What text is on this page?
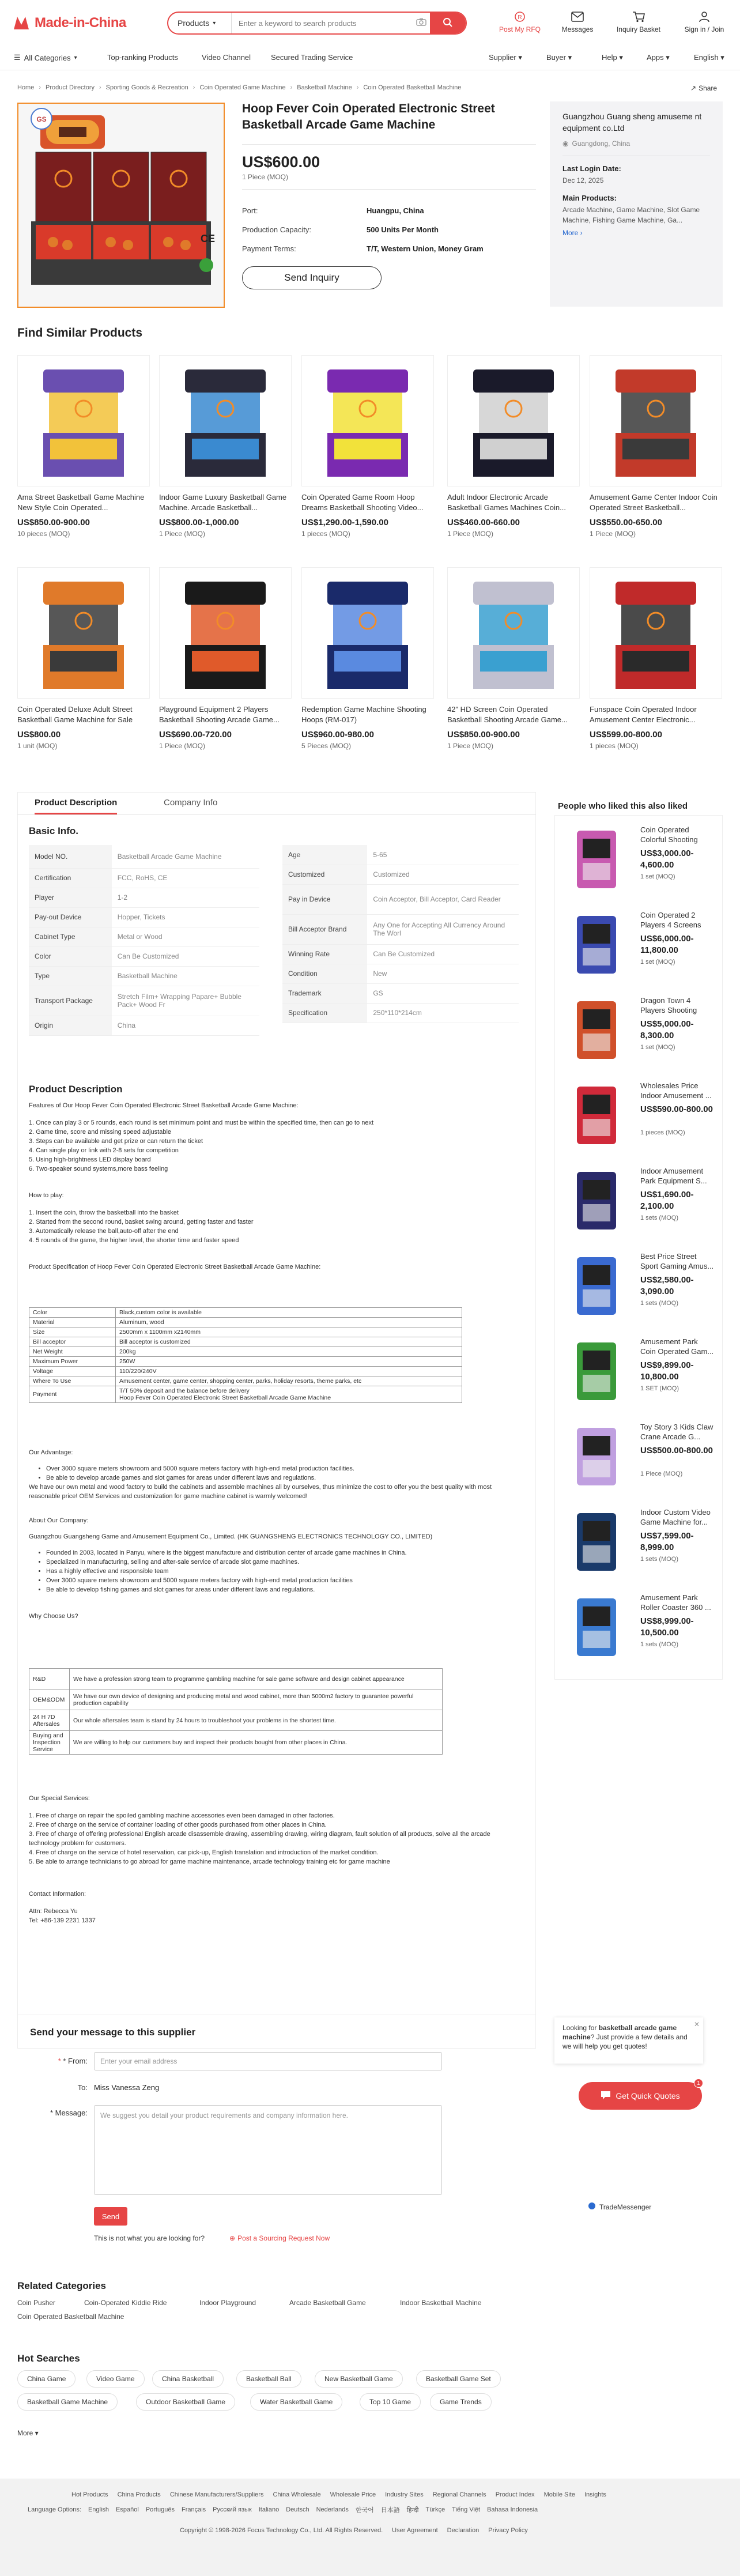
Made-in-China	Products ▾
Enter a keyword to search products
R
Post My RFQ	Messages	Inquiry Basket	Sign in / Join
☰ All Categories ▾	Top-ranking Products	Video Channel	Secured Trading Service	Supplier ▾	Buyer ▾	Help ▾	Apps ▾	English ▾
Home › Product Directory › Sporting Goods & Recreation › Coin Operated Game Machine › Basketball Machine › Coin Operated Basketball Machine	↗ Share
GS
CE
Hoop Fever Coin Operated Electronic Street Basketball Arcade Game Machine
US$600.00
1 Piece (MOQ)
Port:	Huangpu, China
Production Capacity:	500 Units Per Month
Payment Terms:	T/T, Western Union, Money Gram
Send Inquiry
Guangzhou Guang sheng amuseme nt equipment co.Ltd
◉ Guangdong, China
Last Login Date:
Dec 12, 2025
Main Products:
Arcade Machine, Game Machine, Slot Game Machine, Fishing Game Machine, Ga...
More ›
Find Similar Products
Product Description	Company Info
Basic Info.
Model NO.	Basketball Arcade Game Machine
Certification	FCC, RoHS, CE
Player	1-2
Pay-out Device	Hopper, Tickets
Cabinet Type	Metal or Wood
Color	Can Be Customized
Type	Basketball Machine
Transport Package	Stretch Film+ Wrapping Papare+ Bubble Pack+ Wood Fr
Origin	China
Age	5-65
Customized	Customized
Pay in Device	Coin Acceptor, Bill Acceptor, Card Reader
Bill Acceptor Brand	Any One for Accepting All Currency Around The Worl
Winning Rate	Can Be Customized
Condition	New
Trademark	GS
Specification	250*110*214cm
Product Description
Features of Our Hoop Fever Coin Operated Electronic Street Basketball Arcade Game Machine:
1. Once can play 3 or 5 rounds, each round is set minimum point and must be within the specified time, then can go to next
2. Game time, score and missing speed adjustable
3. Steps can be available and get prize or can return the ticket
4. Can single play or link with 2-8 sets for competition
5. Using high-brightness LED display board
6. Two-speaker sound systems,more bass feeling
How to play:
1. Insert the coin, throw the basketball into the basket
2. Started from the second round, basket swing around, getting faster and faster
3. Automatically release the ball,auto-off after the end
4. 5 rounds of the game, the higher level, the shorter time and faster speed
Product Specification of Hoop Fever Coin Operated Electronic Street Basketball Arcade Game Machine:
Color	Black,custom color is available
Material	Aluminum, wood
Size	2500mm x 1100mm x2140mm
Bill acceptor	Bill acceptor is customized
Net Weight	200kg
Maximum Power	250W
Voltage	110/220/240V
Where To Use	Amusement center, game center, shopping center, parks, holiday resorts, theme parks, etc
Payment	T/T 50% deposit and the balance before delivery
Hoop Fever Coin Operated Electronic Street Basketball Arcade Game Machine
Our Advantage:
• Over 3000 square meters showroom and 5000 square meters factory with high-end metal production facilities.
• Be able to develop arcade games and slot games for areas under different laws and regulations.
We have our own metal and wood factory to build the cabinets and assemble machines all by ourselves, thus minimize the cost to offer you the best quality with most reasonable price! OEM Services and customization for game machine cabinet is warmly welcomed!
About Our Company:
Guangzhou Guangsheng Game and Amusement Equipment Co., Limited. (HK GUANGSHENG ELECTRONICS TECHNOLOGY CO., LIMITED)
• Founded in 2003, located in Panyu, where is the biggest manufacture and distribution center of arcade game machines in China.
• Specialized in manufacturing, selling and after-sale service of arcade slot game machines.
• Has a highly effective and responsible team
• Over 3000 square meters showroom and 5000 square meters factory with high-end metal production facilities
• Be able to develop fishing games and slot games for areas under different laws and regulations.
Why Choose Us?
R&D	We have a profession strong team to programme gambling machine for sale game software and design cabinet appearance
OEM&ODM	We have our own device of designing and producing metal and wood cabinet, more than 5000m2 factory to guarantee powerful production capability
24 H 7D Aftersales	Our whole aftersales team is stand by 24 hours to troubleshoot your problems in the shortest time.
Buying and Inspection Service	We are willing to help our customers buy and inspect their products bought from other places in China.
Our Special Services:
1. Free of charge on repair the spoiled gambling machine accessories even been damaged in other factories.
2. Free of charge on the service of container loading of other goods purchased from other places in China.
3. Free of charge of offering professional English arcade disassemble drawing, assembling drawing, wiring diagram, fault solution of all products, solve all the arcade technology problem for customers.
4. Free of charge on the service of hotel reservation, car pick-up, English translation and introduction of the market condition.
5. Be able to arrange technicians to go abroad for game machine maintenance, arcade technology training etc for game machine
Contact Information:
Attn: Rebecca Yu
Tel: +86-139 2231 1337
People who liked this also liked
Coin Operated Colorful Shooting
US$3,000.00-4,600.00
1 set (MOQ)
Coin Operated 2 Players 4 Screens
US$6,000.00-11,800.00
1 set (MOQ)
Dragon Town 4 Players Shooting
US$5,000.00-8,300.00
1 set (MOQ)
Wholesales Price Indoor Amusement ...
US$590.00-800.00
1 pieces (MOQ)
Indoor Amusement Park Equipment S...
US$1,690.00-2,100.00
1 sets (MOQ)
Best Price Street Sport Gaming Amus...
US$2,580.00-3,090.00
1 sets (MOQ)
Amusement Park Coin Operated Gam...
US$9,899.00-10,800.00
1 SET (MOQ)
Toy Story 3 Kids Claw Crane Arcade G...
US$500.00-800.00
1 Piece (MOQ)
Indoor Custom Video Game Machine for...
US$7,599.00-8,999.00
1 sets (MOQ)
Amusement Park Roller Coaster 360 ...
US$8,999.00-10,500.00
1 sets (MOQ)
Send your message to this supplier
* * From: Enter your email address
To: Miss Vanessa Zeng
* Message: We suggest you detail your product requirements and company information here.
Send
This is not what you are looking for?	⊕ Post a Sourcing Request Now
Looking for basketball arcade game machine? Just provide a few details and we will help you get quotes!
✕
Get Quick Quotes
1
TradeMessenger
Related Categories
Hot Searches
More ▾
Hot Products China Products Chinese Manufacturers/Suppliers China Wholesale Wholesale Price Industry Sites Regional Channels Product Index Mobile Site Insights
Language Options: English Español Português Français Русский язык Italiano Deutsch Nederlands 한국어 日本語 हिन्दी Türkçe Tiếng Việt Bahasa Indonesia
Copyright © 1998-2026 Focus Technology Co., Ltd. All Rights Reserved. User Agreement Declaration Privacy Policy
Ama Street Basketball Game Machine New Style Coin Operated...
US$850.00-900.00
10 pieces (MOQ)
Indoor Game Luxury Basketball Game Machine. Arcade Basketball...
US$800.00-1,000.00
1 Piece (MOQ)
Coin Operated Game Room Hoop Dreams Basketball Shooting Video...
US$1,290.00-1,590.00
1 pieces (MOQ)
Adult Indoor Electronic Arcade Basketball Games Machines Coin...
US$460.00-660.00
1 Piece (MOQ)
Amusement Game Center Indoor Coin Operated Street Basketball...
US$550.00-650.00
1 Piece (MOQ)
Coin Operated Deluxe Adult Street Basketball Game Machine for Sale
US$800.00
1 unit (MOQ)
Playground Equipment 2 Players Basketball Shooting Arcade Game...
US$690.00-720.00
1 Piece (MOQ)
Redemption Game Machine Shooting Hoops (RM-017)
US$960.00-980.00
5 Pieces (MOQ)
42" HD Screen Coin Operated Basketball Shooting Arcade Game...
US$850.00-900.00
1 Piece (MOQ)
Funspace Coin Operated Indoor Amusement Center Electronic...
US$599.00-800.00
1 pieces (MOQ)
Coin Pusher	Coin-Operated Kiddie Ride	Indoor Playground	Arcade Basketball Game	Indoor Basketball Machine
Coin Operated Basketball Machine
China Game	Video Game	China Basketball	Basketball Ball	New Basketball Game	Basketball Game Set
Basketball Game Machine	Outdoor Basketball Game	Water Basketball Game	Top 10 Game	Game Trends
